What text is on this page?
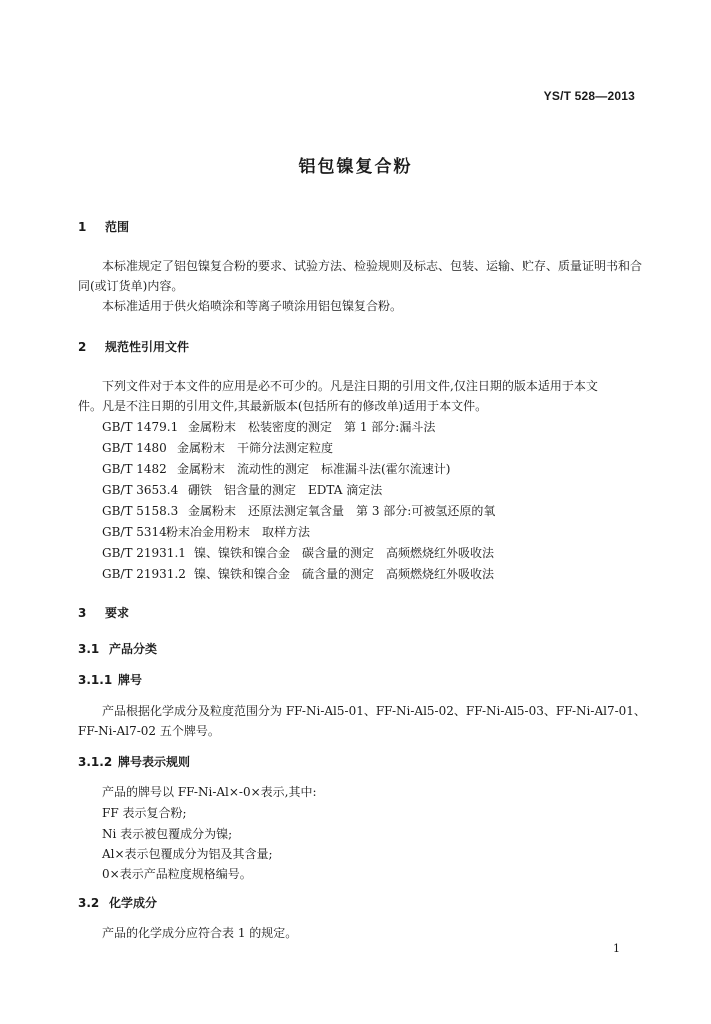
YS/T 528—2013
铝包镍复合粉
1 范围
本标准规定了铝包镍复合粉的要求、试验方法、检验规则及标志、包装、运输、贮存、质量证明书和合
同(或订货单)内容。
本标准适用于供火焰喷涂和等离子喷涂用铝包镍复合粉。
2 规范性引用文件
下列文件对于本文件的应用是必不可少的。凡是注日期的引用文件,仅注日期的版本适用于本文
件。凡是不注日期的引用文件,其最新版本(包括所有的修改单)适用于本文件。
GB/T 1479.1 金属粉末 松装密度的测定 第 1 部分:漏斗法
GB/T 1480 金属粉末 干筛分法测定粒度
GB/T 1482 金属粉末 流动性的测定 标准漏斗法(霍尔流速计)
GB/T 3653.4 硼铁 铝含量的测定 EDTA 滴定法
GB/T 5158.3 金属粉末 还原法测定氧含量 第 3 部分:可被氢还原的氧
GB/T 5314粉末冶金用粉末 取样方法
GB/T 21931.1 镍、镍铁和镍合金 碳含量的测定 高频燃烧红外吸收法
GB/T 21931.2 镍、镍铁和镍合金 硫含量的测定 高频燃烧红外吸收法
3 要求
3.1 产品分类
3.1.1 牌号
产品根据化学成分及粒度范围分为 FF-Ni-Al5-01、FF-Ni-Al5-02、FF-Ni-Al5-03、FF-Ni-Al7-01、
FF-Ni-Al7-02 五个牌号。
3.1.2 牌号表示规则
产品的牌号以 FF-Ni-Al×-0×表示,其中:
FF 表示复合粉;
Ni 表示被包覆成分为镍;
Al×表示包覆成分为铝及其含量;
0×表示产品粒度规格编号。
3.2 化学成分
产品的化学成分应符合表 1 的规定。
1
